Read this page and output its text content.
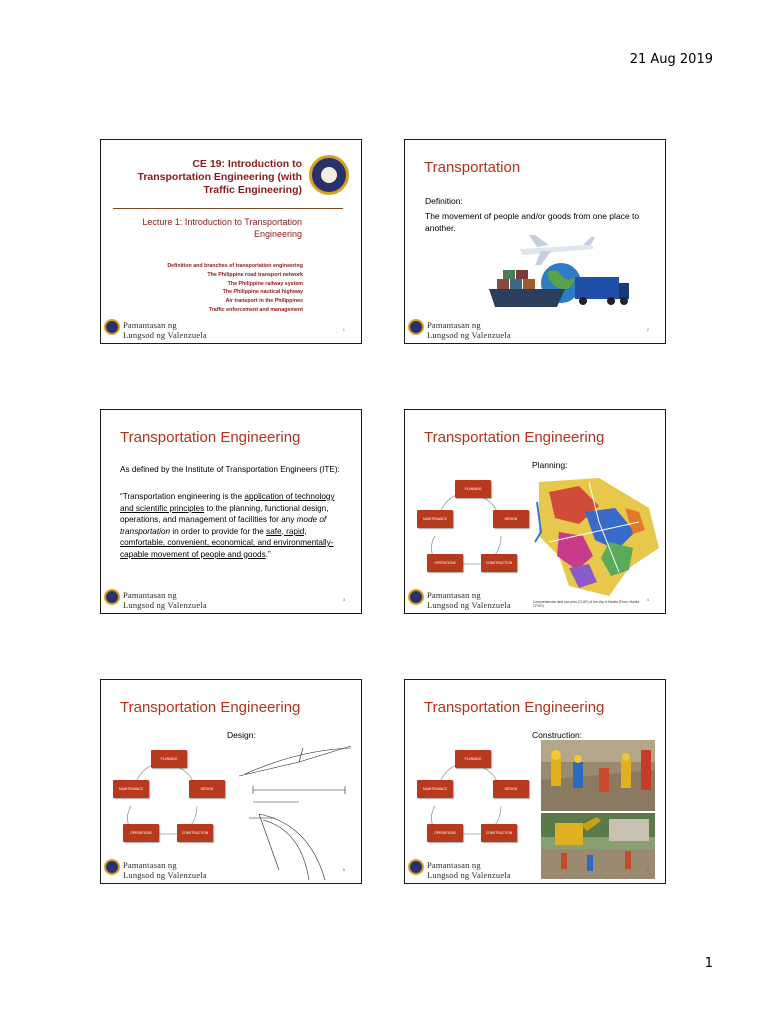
21 Aug 2019
CE 19: Introduction to Transportation Engineering (with Traffic Engineering)
Lecture 1: Introduction to Transportation Engineering
Definition and branches of transportation engineering
The Philippine road transport network
The Philippine railway system
The Philippine nautical highway
Air transport in the Philippines
Traffic enforcement and management
Pamantasan ng
Lungsod ng Valenzuela	1
Transportation
Definition:
The movement of people and/or goods from one place to another.
Pamantasan ng
Lungsod ng Valenzuela	2
Transportation Engineering
As defined by the Institute of Transportation Engineers (ITE):
“Transportation engineering is the application of technology and scientific principles to the planning, functional design, operations, and management of facilities for any mode of transportation in order to provide for the safe, rapid, comfortable, convenient, economical, and environmentally-capable movement of people and goods.”
Pamantasan ng
Lungsod ng Valenzuela	3
Transportation Engineering
Planning:
PLANNING
DESIGN
CONSTRUCTION
OPERATIONS
MAINTENANCE
Comprehensive land use plan (CLUP) of the city of Manila (From: Manila CPDO)
Pamantasan ng
Lungsod ng Valenzuela	4
Transportation Engineering
Design:
PLANNING
DESIGN
CONSTRUCTION
OPERATIONS
MAINTENANCE
Pamantasan ng
Lungsod ng Valenzuela	5
Transportation Engineering
Construction:
PLANNING
DESIGN
CONSTRUCTION
OPERATIONS
MAINTENANCE
Pamantasan ng
Lungsod ng Valenzuela	6
1
